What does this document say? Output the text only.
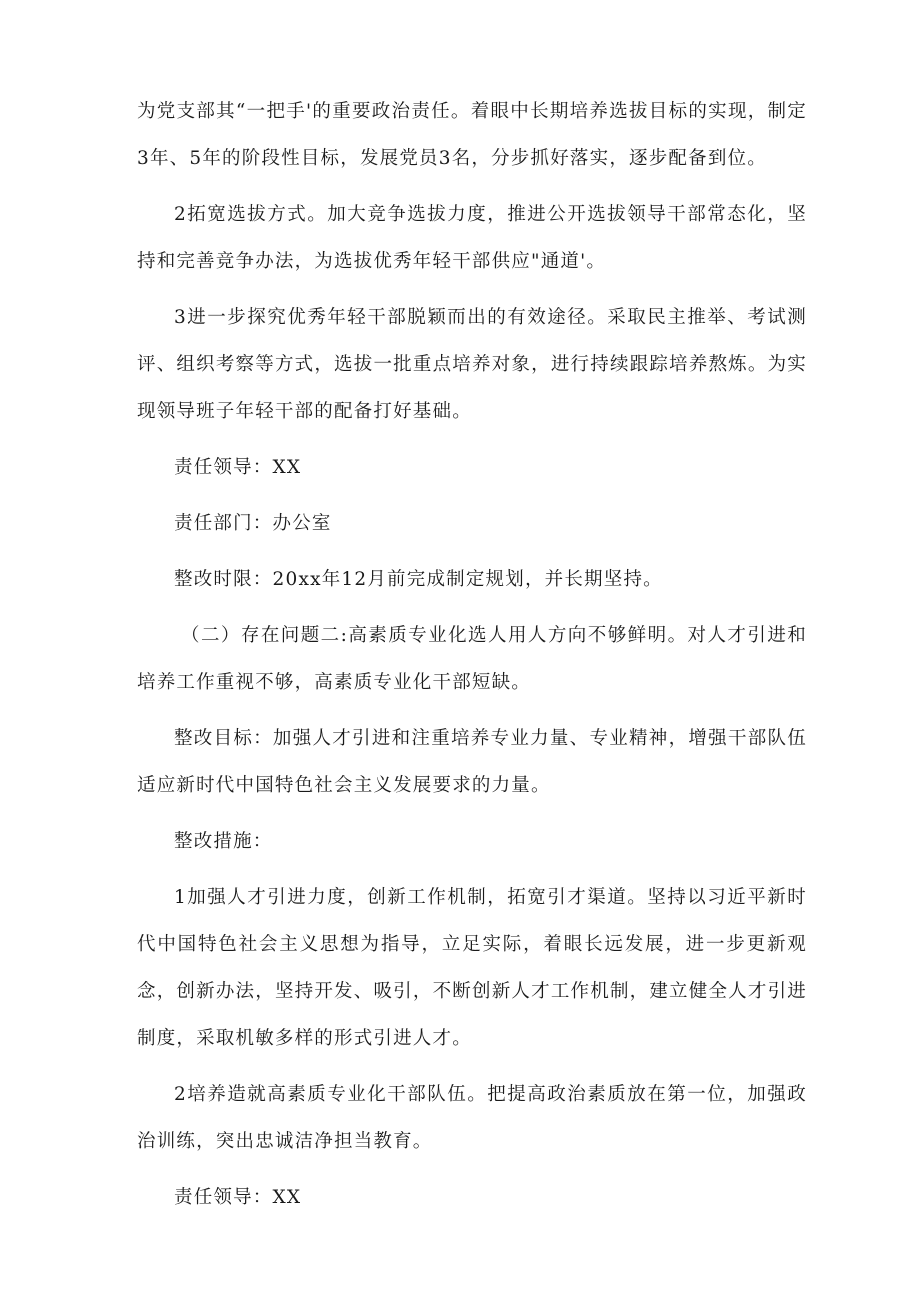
为党支部其“一把手'的重要政治责任。着眼中长期培养选拔目标的实现，制定3年、5年的阶段性目标，发展党员3名，分步抓好落实，逐步配备到位。

2拓宽选拔方式。加大竞争选拔力度，推进公开选拔领导干部常态化，坚持和完善竞争办法，为选拔优秀年轻干部供应"通道'。

3进一步探究优秀年轻干部脱颖而出的有效途径。采取民主推举、考试测评、组织考察等方式，选拔一批重点培养对象，进行持续跟踪培养熬炼。为实现领导班子年轻干部的配备打好基础。

责任领导：XX

责任部门：办公室

整改时限：20xx年12月前完成制定规划，并长期坚持。

（二）存在问题二:高素质专业化选人用人方向不够鲜明。对人才引进和培养工作重视不够，高素质专业化干部短缺。

整改目标：加强人才引进和注重培养专业力量、专业精神，增强干部队伍适应新时代中国特色社会主义发展要求的力量。

整改措施：

1加强人才引进力度，创新工作机制，拓宽引才渠道。坚持以习近平新时代中国特色社会主义思想为指导，立足实际，着眼长远发展，进一步更新观念，创新办法，坚持开发、吸引，不断创新人才工作机制，建立健全人才引进制度，采取机敏多样的形式引进人才。

2培养造就高素质专业化干部队伍。把提高政治素质放在第一位，加强政治训练，突出忠诚洁净担当教育。

责任领导：XX
